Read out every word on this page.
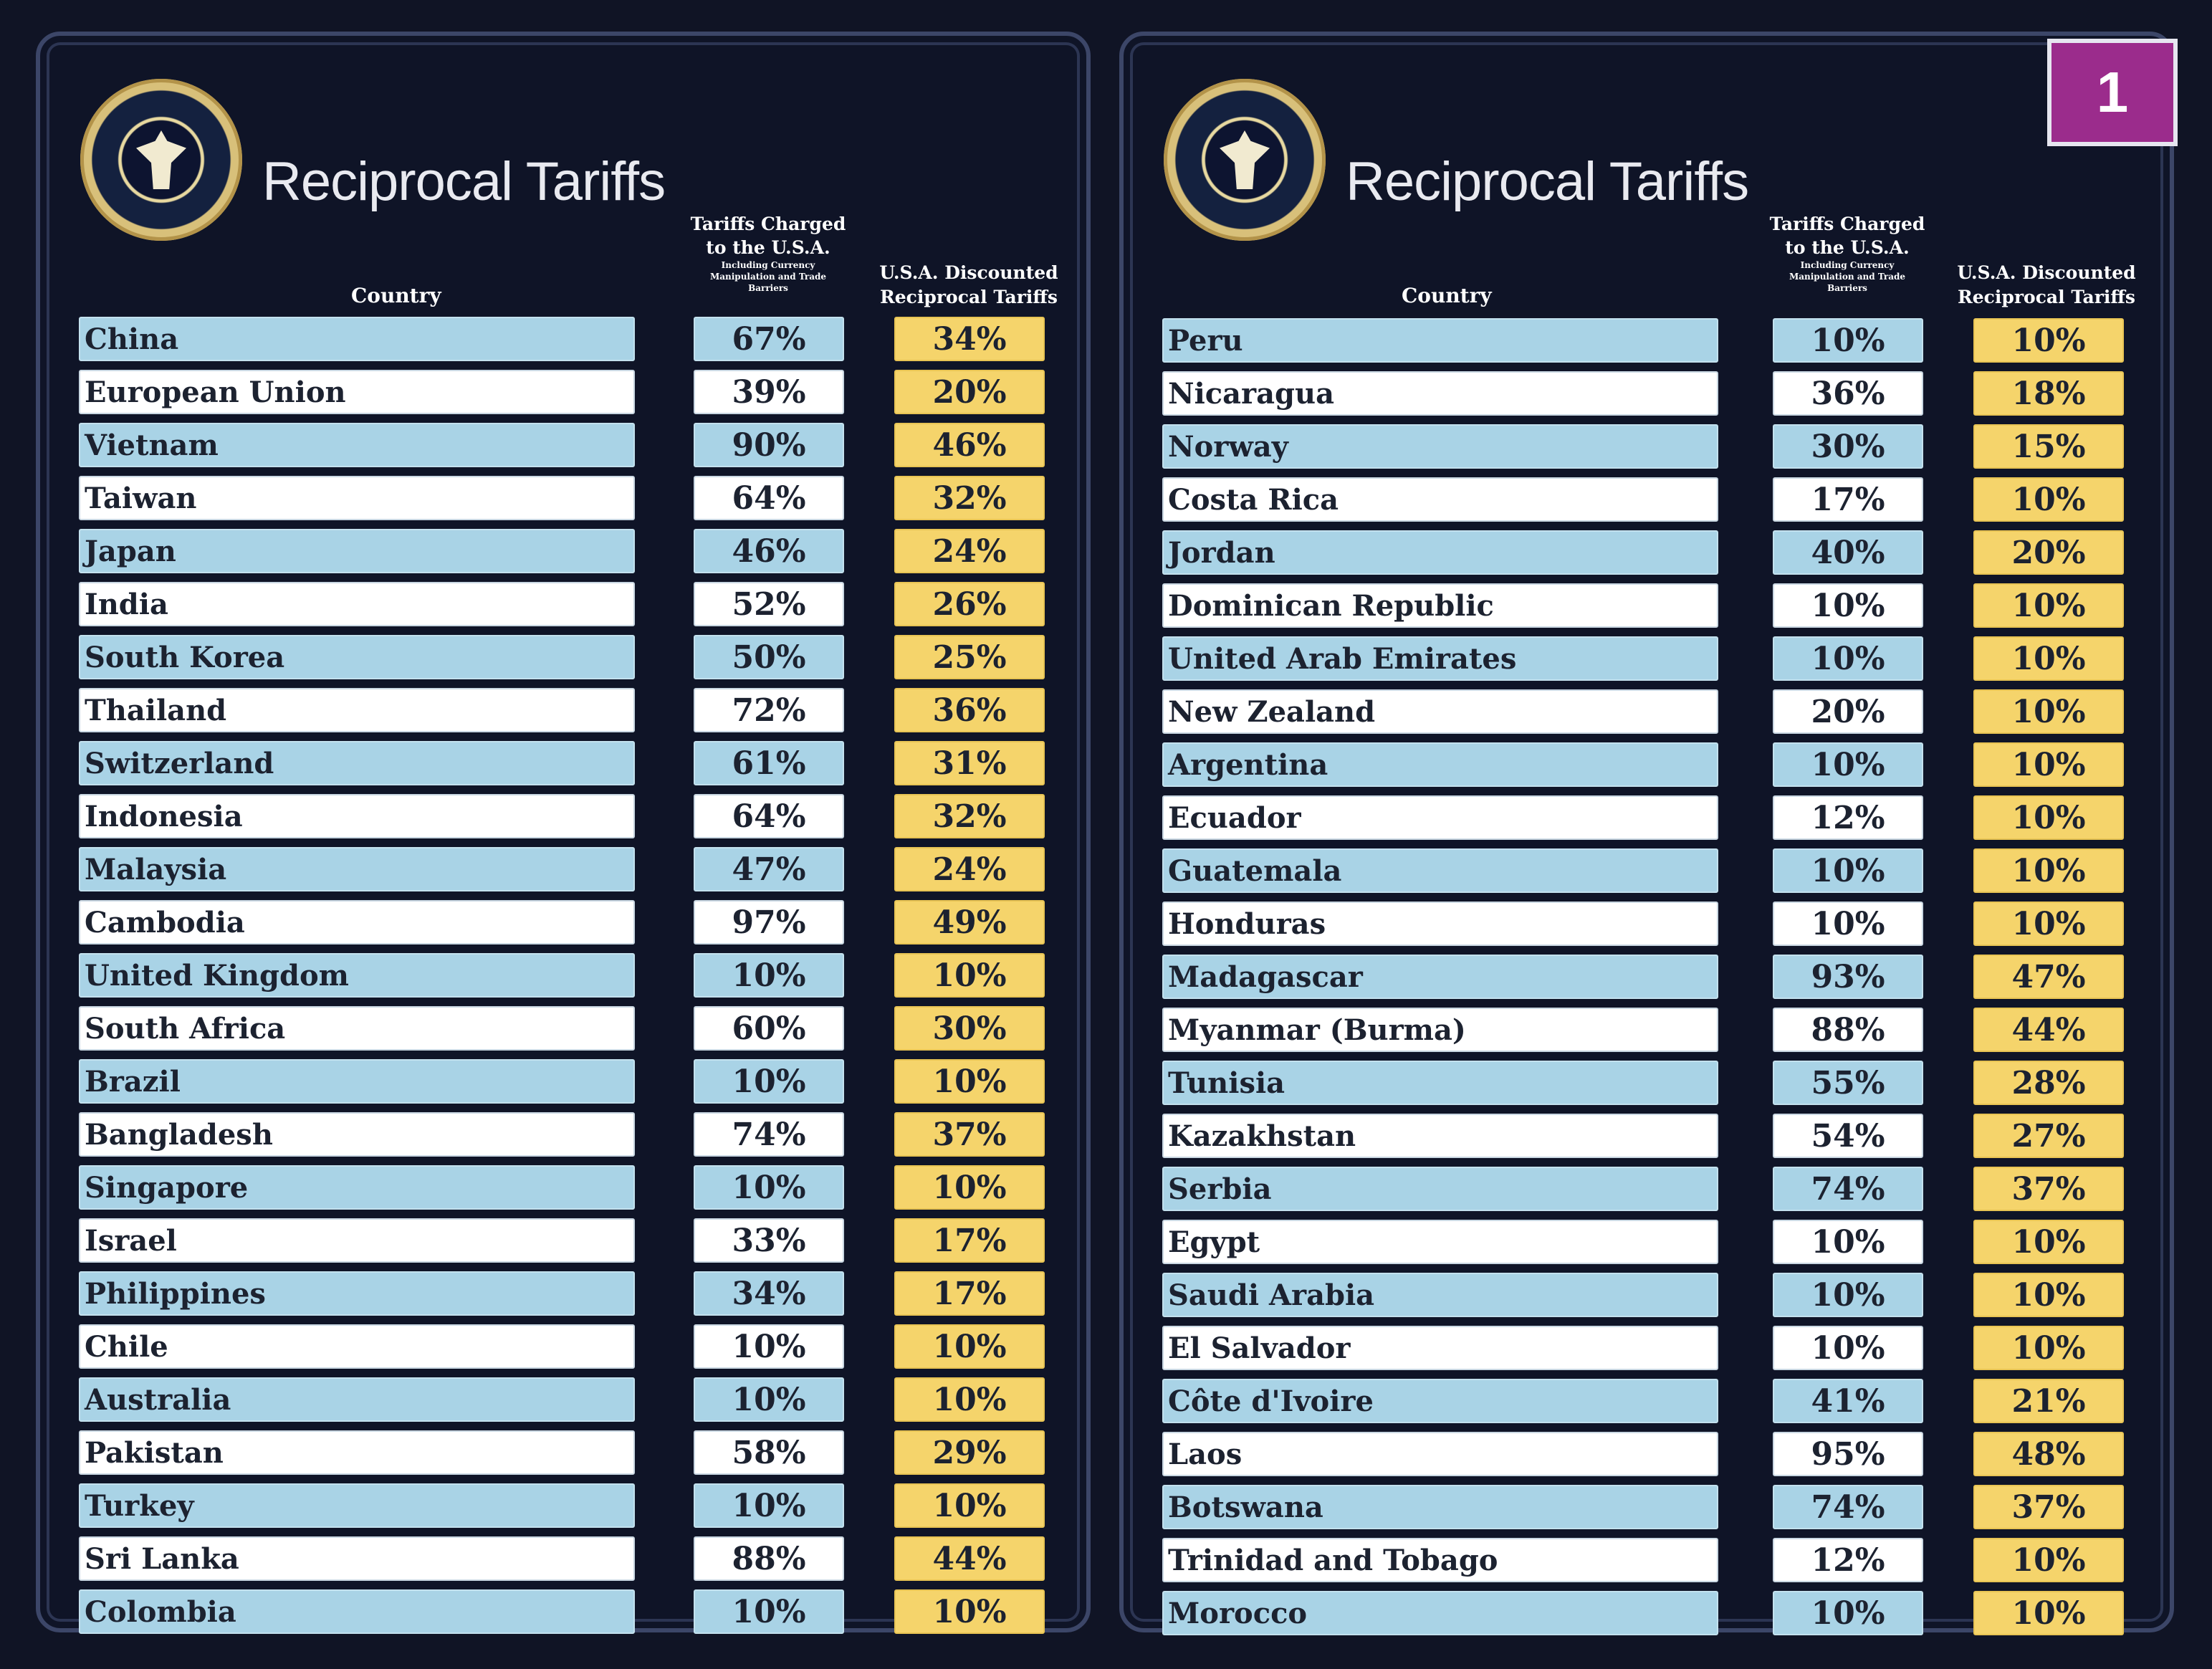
Reciprocal Tariffs
Country
Tariffs Charged to the U.S.A.
Including Currency Manipulation and Trade Barriers
U.S.A. Discounted Reciprocal Tariffs
China	67%	34%
European Union	39%	20%
Vietnam	90%	46%
Taiwan	64%	32%
Japan	46%	24%
India	52%	26%
South Korea	50%	25%
Thailand	72%	36%
Switzerland	61%	31%
Indonesia	64%	32%
Malaysia	47%	24%
Cambodia	97%	49%
United Kingdom	10%	10%
South Africa	60%	30%
Brazil	10%	10%
Bangladesh	74%	37%
Singapore	10%	10%
Israel	33%	17%
Philippines	34%	17%
Chile	10%	10%
Australia	10%	10%
Pakistan	58%	29%
Turkey	10%	10%
Sri Lanka	88%	44%
Colombia	10%	10%
Reciprocal Tariffs
Country
Tariffs Charged to the U.S.A.
Including Currency Manipulation and Trade Barriers
U.S.A. Discounted Reciprocal Tariffs
Peru	10%	10%
Nicaragua	36%	18%
Norway	30%	15%
Costa Rica	17%	10%
Jordan	40%	20%
Dominican Republic	10%	10%
United Arab Emirates	10%	10%
New Zealand	20%	10%
Argentina	10%	10%
Ecuador	12%	10%
Guatemala	10%	10%
Honduras	10%	10%
Madagascar	93%	47%
Myanmar (Burma)	88%	44%
Tunisia	55%	28%
Kazakhstan	54%	27%
Serbia	74%	37%
Egypt	10%	10%
Saudi Arabia	10%	10%
El Salvador	10%	10%
Côte d'Ivoire	41%	21%
Laos	95%	48%
Botswana	74%	37%
Trinidad and Tobago	12%	10%
Morocco	10%	10%
1
